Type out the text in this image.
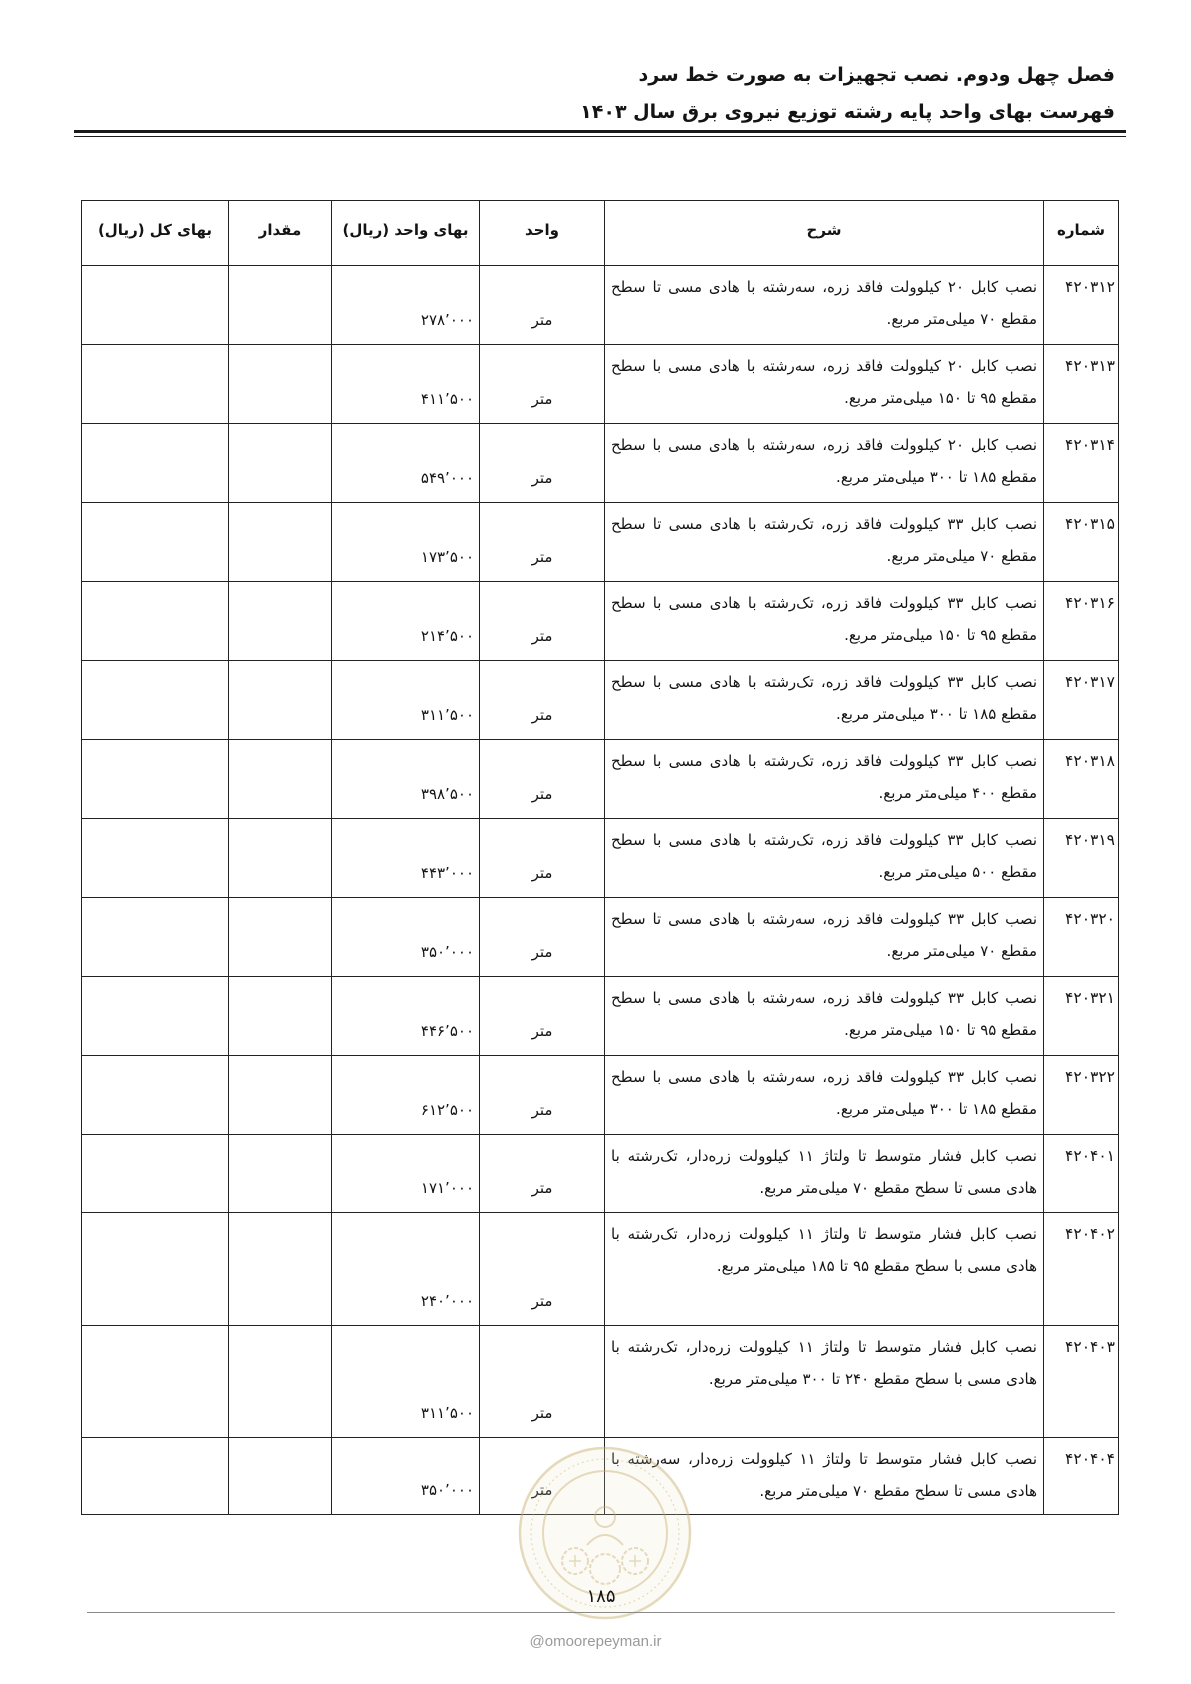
فصل چهل ودوم. نصب تجهیزات به صورت خط سرد
فهرست بهای واحد پایه رشته توزیع نیروی برق سال ۱۴۰۳
شماره	شرح	واحد	بهای واحد (ریال)	مقدار	بهای کل (ریال)
۴۲۰۳۱۲	نصب کابل ۲۰ کیلوولت فاقد زره، سه‌رشته با هادی مسی تا سطح مقطع ۷۰ میلی‌متر مربع.	متر	۲۷۸٬۰۰۰		
۴۲۰۳۱۳	نصب کابل ۲۰ کیلوولت فاقد زره، سه‌رشته با هادی مسی با سطح مقطع ۹۵ تا ۱۵۰ میلی‌متر مربع.	متر	۴۱۱٬۵۰۰		
۴۲۰۳۱۴	نصب کابل ۲۰ کیلوولت فاقد زره، سه‌رشته با هادی مسی با سطح مقطع ۱۸۵ تا ۳۰۰ میلی‌متر مربع.	متر	۵۴۹٬۰۰۰		
۴۲۰۳۱۵	نصب کابل ۳۳ کیلوولت فاقد زره، تک‌رشته با هادی مسی تا سطح مقطع ۷۰ میلی‌متر مربع.	متر	۱۷۳٬۵۰۰		
۴۲۰۳۱۶	نصب کابل ۳۳ کیلوولت فاقد زره، تک‌رشته با هادی مسی با سطح مقطع ۹۵ تا ۱۵۰ میلی‌متر مربع.	متر	۲۱۴٬۵۰۰		
۴۲۰۳۱۷	نصب کابل ۳۳ کیلوولت فاقد زره، تک‌رشته با هادی مسی با سطح مقطع ۱۸۵ تا ۳۰۰ میلی‌متر مربع.	متر	۳۱۱٬۵۰۰		
۴۲۰۳۱۸	نصب کابل ۳۳ کیلوولت فاقد زره، تک‌رشته با هادی مسی با سطح مقطع ۴۰۰ میلی‌متر مربع.	متر	۳۹۸٬۵۰۰		
۴۲۰۳۱۹	نصب کابل ۳۳ کیلوولت فاقد زره، تک‌رشته با هادی مسی با سطح مقطع ۵۰۰ میلی‌متر مربع.	متر	۴۴۳٬۰۰۰		
۴۲۰۳۲۰	نصب کابل ۳۳ کیلوولت فاقد زره، سه‌رشته با هادی مسی تا سطح مقطع ۷۰ میلی‌متر مربع.	متر	۳۵۰٬۰۰۰		
۴۲۰۳۲۱	نصب کابل ۳۳ کیلوولت فاقد زره، سه‌رشته با هادی مسی با سطح مقطع ۹۵ تا ۱۵۰ میلی‌متر مربع.	متر	۴۴۶٬۵۰۰		
۴۲۰۳۲۲	نصب کابل ۳۳ کیلوولت فاقد زره، سه‌رشته با هادی مسی با سطح مقطع ۱۸۵ تا ۳۰۰ میلی‌متر مربع.	متر	۶۱۲٬۵۰۰		
۴۲۰۴۰۱	نصب کابل فشار متوسط تا ولتاژ ۱۱ کیلوولت زره‌دار، تک‌رشته با هادی مسی تا سطح مقطع ۷۰ میلی‌متر مربع.	متر	۱۷۱٬۰۰۰		
۴۲۰۴۰۲	نصب کابل فشار متوسط تا ولتاژ ۱۱ کیلوولت زره‌دار، تک‌رشته با هادی مسی با سطح مقطع ۹۵ تا ۱۸۵ میلی‌متر مربع.	متر	۲۴۰٬۰۰۰		
۴۲۰۴۰۳	نصب کابل فشار متوسط تا ولتاژ ۱۱ کیلوولت زره‌دار، تک‌رشته با هادی مسی با سطح مقطع ۲۴۰ تا ۳۰۰ میلی‌متر مربع.	متر	۳۱۱٬۵۰۰		
۴۲۰۴۰۴	نصب کابل فشار متوسط تا ولتاژ ۱۱ کیلوولت زره‌دار، سه‌رشته با هادی مسی تا سطح مقطع ۷۰ میلی‌متر مربع.	متر	۳۵۰٬۰۰۰		
۱۸۵
@omoorepeyman.ir
